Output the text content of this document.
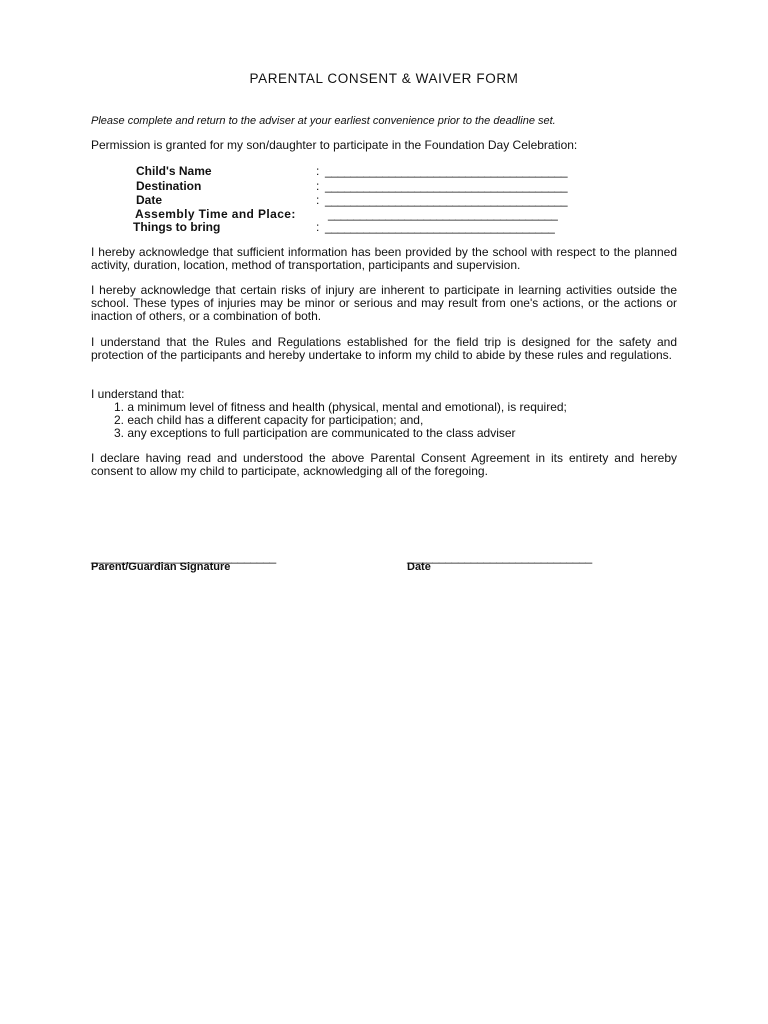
PARENTAL CONSENT & WAIVER FORM
Please complete and return to the adviser at your earliest convenience prior to the deadline set.
Permission is granted for my son/daughter to participate in the Foundation Day Celebration:
Child's Name	: ______________________________________
Destination	: ______________________________________
Date	: ______________________________________
Assembly Time and Place:	____________________________________
Things to bring	: ____________________________________
I hereby acknowledge that sufficient information has been provided by the school with respect to the planned activity, duration, location, method of transportation, participants and supervision.
I hereby acknowledge that certain risks of injury are inherent to participate in learning activities outside the school. These types of injuries may be minor or serious and may result from one's actions, or the actions or inaction of others, or a combination of both.
I understand that the Rules and Regulations established for the field trip is designed for the safety and protection of the participants and hereby undertake to inform my child to abide by these rules and regulations.
I understand that:
1. a minimum level of fitness and health (physical, mental and emotional), is required;
2. each child has a different capacity for participation; and,
3. any exceptions to full participation are communicated to the class adviser
I declare having read and understood the above Parental Consent Agreement in its entirety and hereby consent to allow my child to participate, acknowledging all of the foregoing.
_____________________________
Parent/Guardian Signature
_____________________________
Date
